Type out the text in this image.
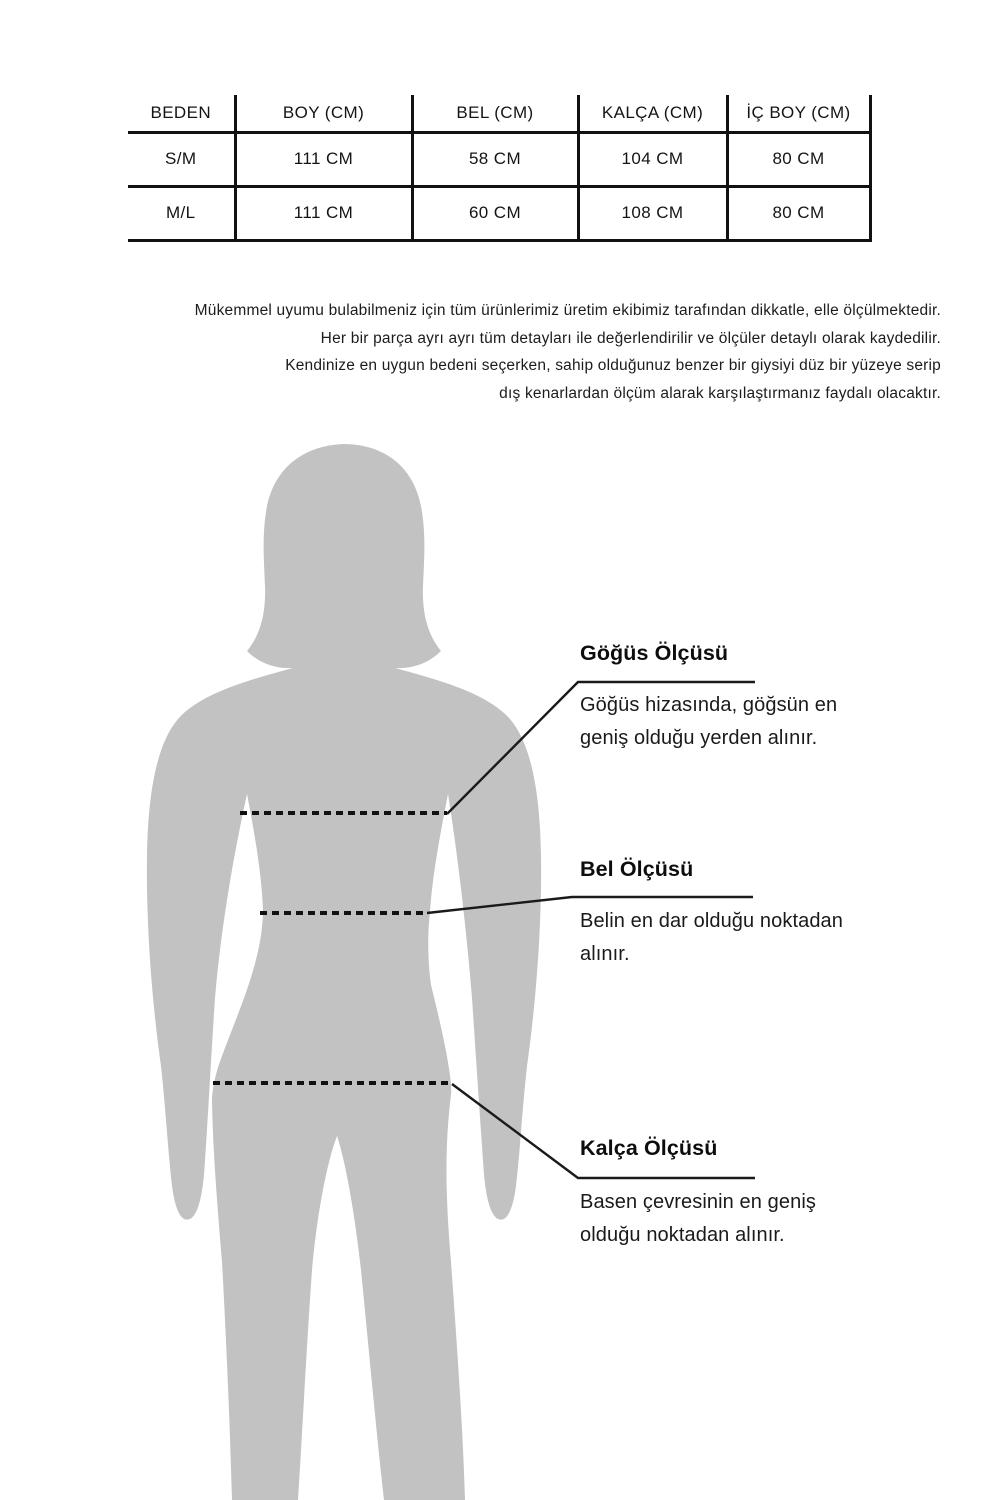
BEDEN	BOY (CM)	BEL (CM)	KALÇA (CM)	İÇ BOY (CM)
S/M	111 CM	58 CM	104 CM	80 CM
M/L	111 CM	60 CM	108 CM	80 CM
Mükemmel uyumu bulabilmeniz için tüm ürünlerimiz üretim ekibimiz tarafından dikkatle, elle ölçülmektedir.
Her bir parça ayrı ayrı tüm detayları ile değerlendirilir ve ölçüler detaylı olarak kaydedilir.
Kendinize en uygun bedeni seçerken, sahip olduğunuz benzer bir giysiyi düz bir yüzeye serip
dış kenarlardan ölçüm alarak karşılaştırmanız faydalı olacaktır.
Göğüs Ölçüsü
Göğüs hizasında, göğsün en
geniş olduğu yerden alınır.
Bel Ölçüsü
Belin en dar olduğu noktadan
alınır.
Kalça Ölçüsü
Basen çevresinin en geniş
olduğu noktadan alınır.
